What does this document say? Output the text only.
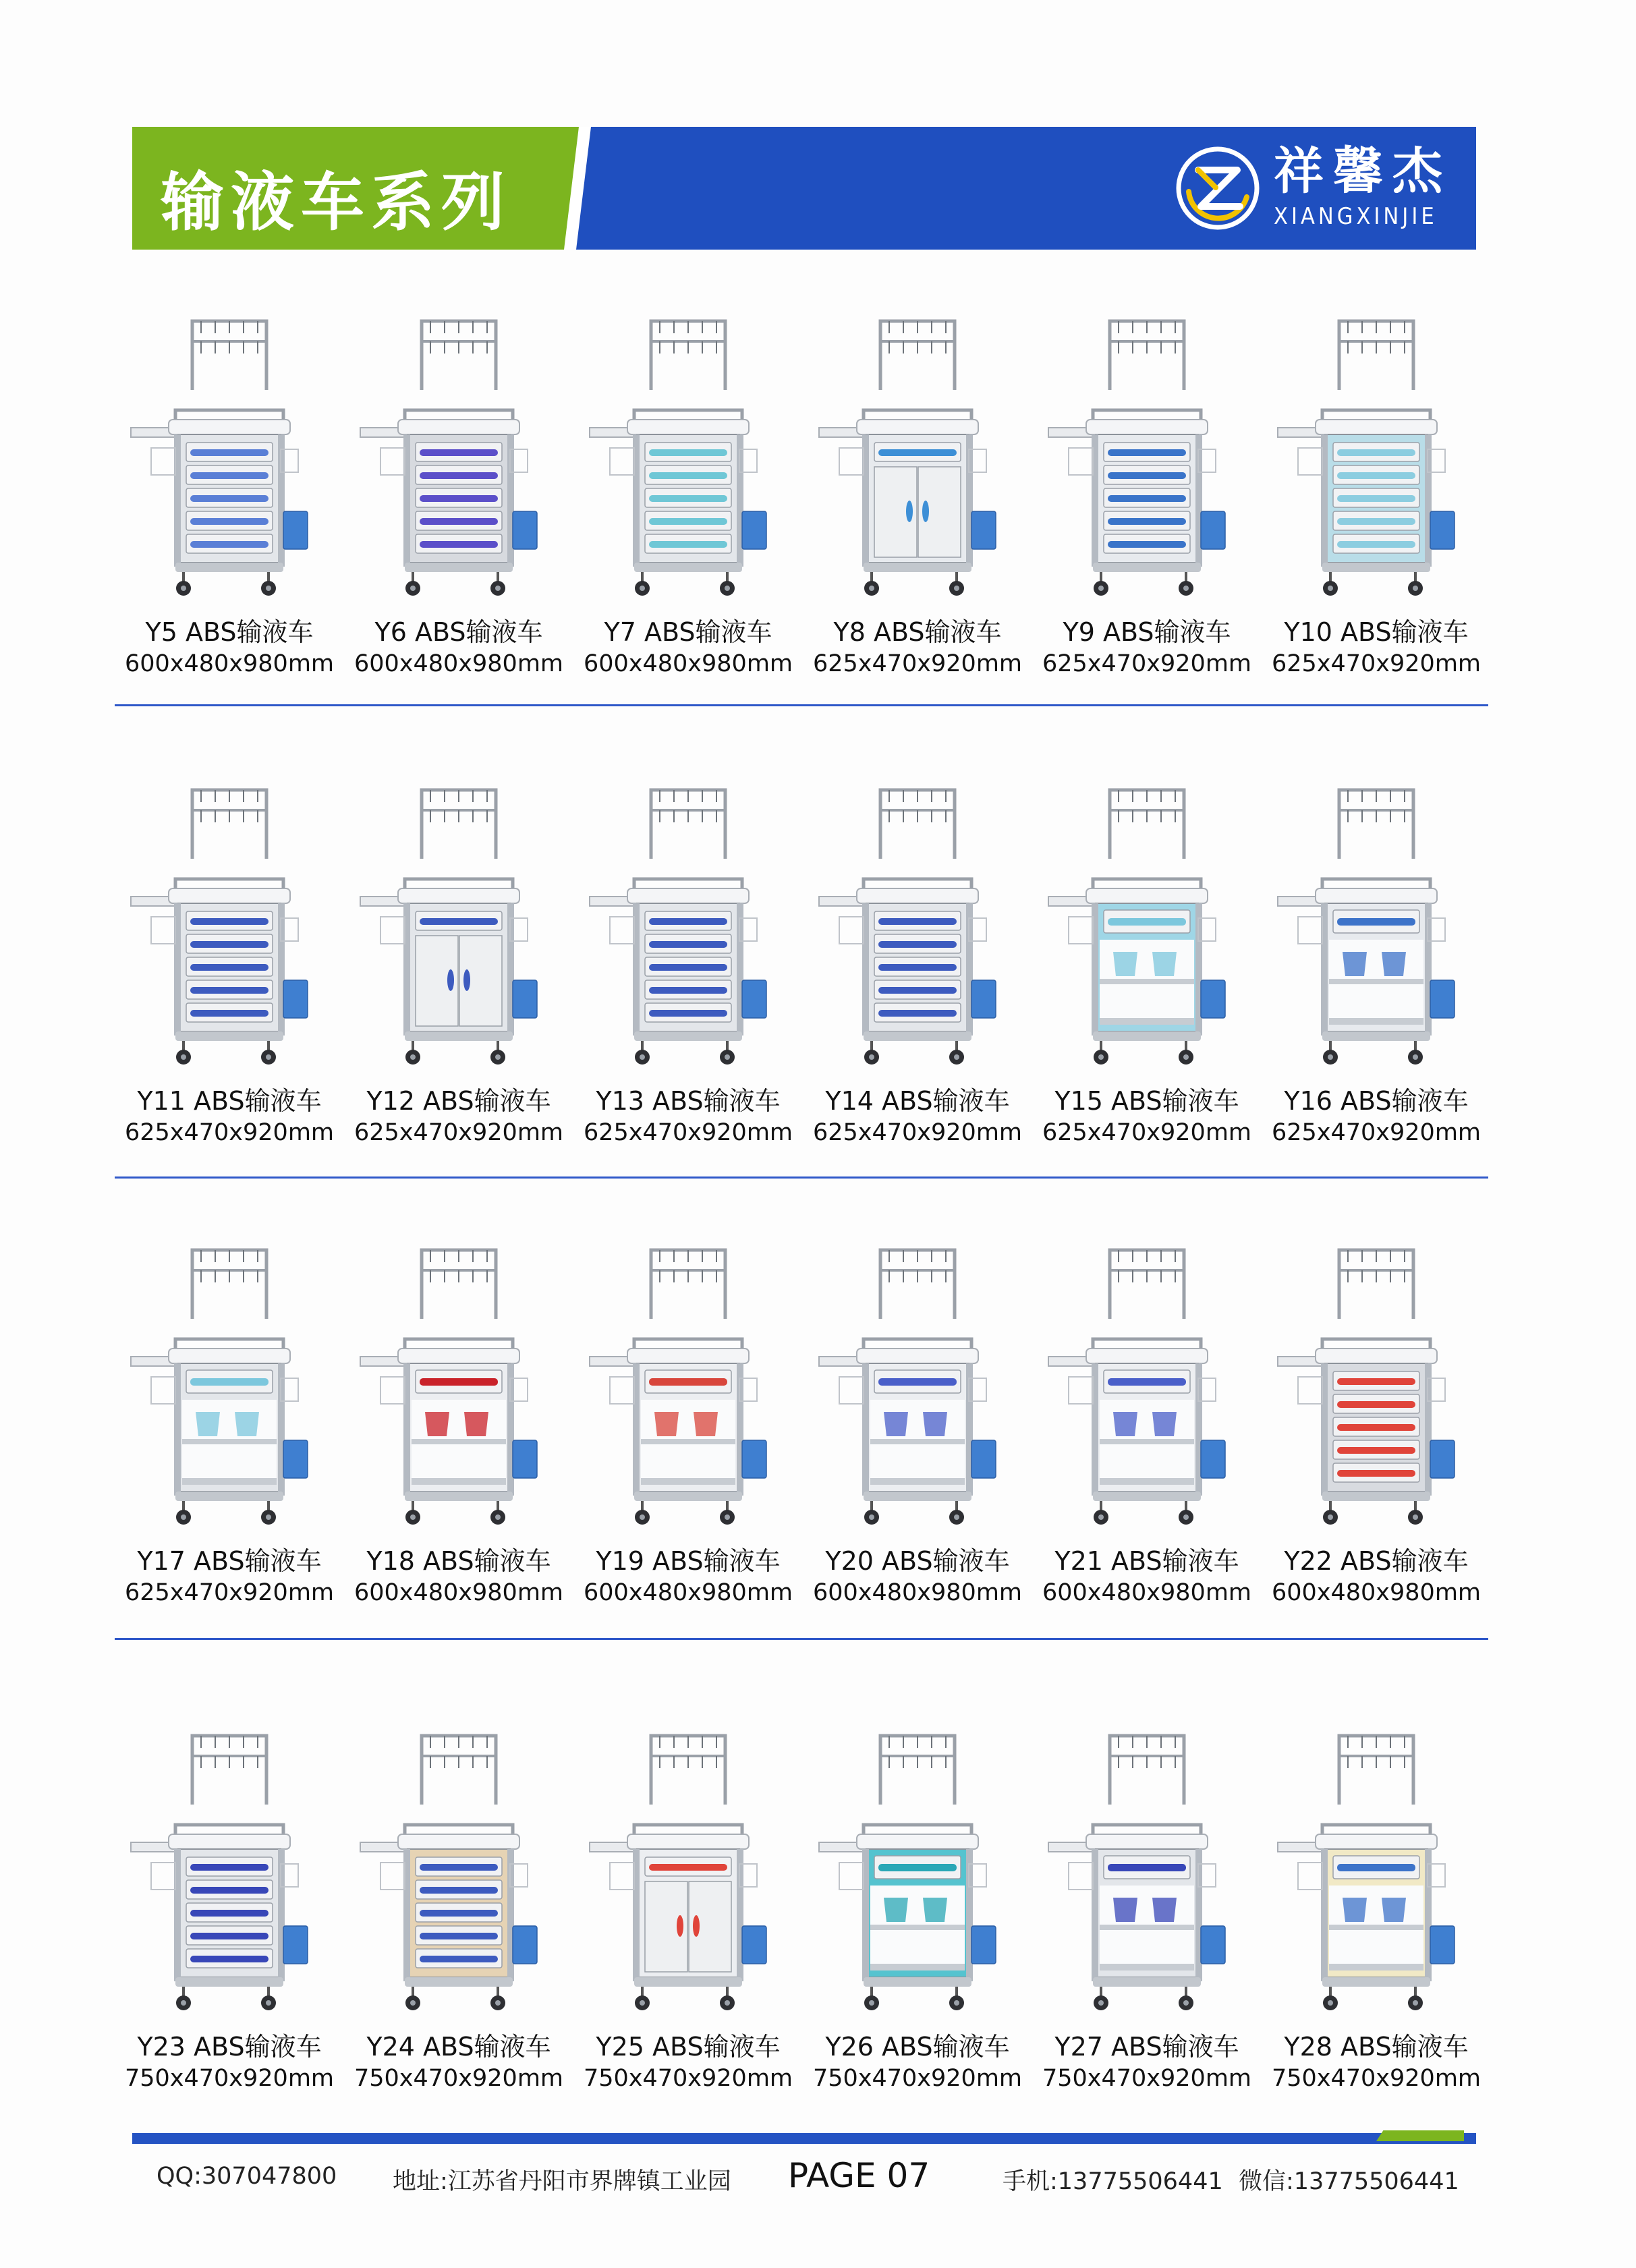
输液车系列	祥馨杰
XIANGXINJIE
Y5 ABS输液车
600x480x980mm
Y6 ABS输液车
600x480x980mm
Y7 ABS输液车
600x480x980mm
Y8 ABS输液车
625x470x920mm
Y9 ABS输液车
625x470x920mm
Y10 ABS输液车
625x470x920mm
Y11 ABS输液车
625x470x920mm
Y12 ABS输液车
625x470x920mm
Y13 ABS输液车
625x470x920mm
Y14 ABS输液车
625x470x920mm
Y15 ABS输液车
625x470x920mm
Y16 ABS输液车
625x470x920mm
Y17 ABS输液车
625x470x920mm
Y18 ABS输液车
600x480x980mm
Y19 ABS输液车
600x480x980mm
Y20 ABS输液车
600x480x980mm
Y21 ABS输液车
600x480x980mm
Y22 ABS输液车
600x480x980mm
Y23 ABS输液车
750x470x920mm
Y24 ABS输液车
750x470x920mm
Y25 ABS输液车
750x470x920mm
Y26 ABS输液车
750x470x920mm
Y27 ABS输液车
750x470x920mm
Y28 ABS输液车
750x470x920mm
QQ:307047800 地址:江苏省丹阳市界牌镇工业园 PAGE 07	手机:13775506441 微信:13775506441
